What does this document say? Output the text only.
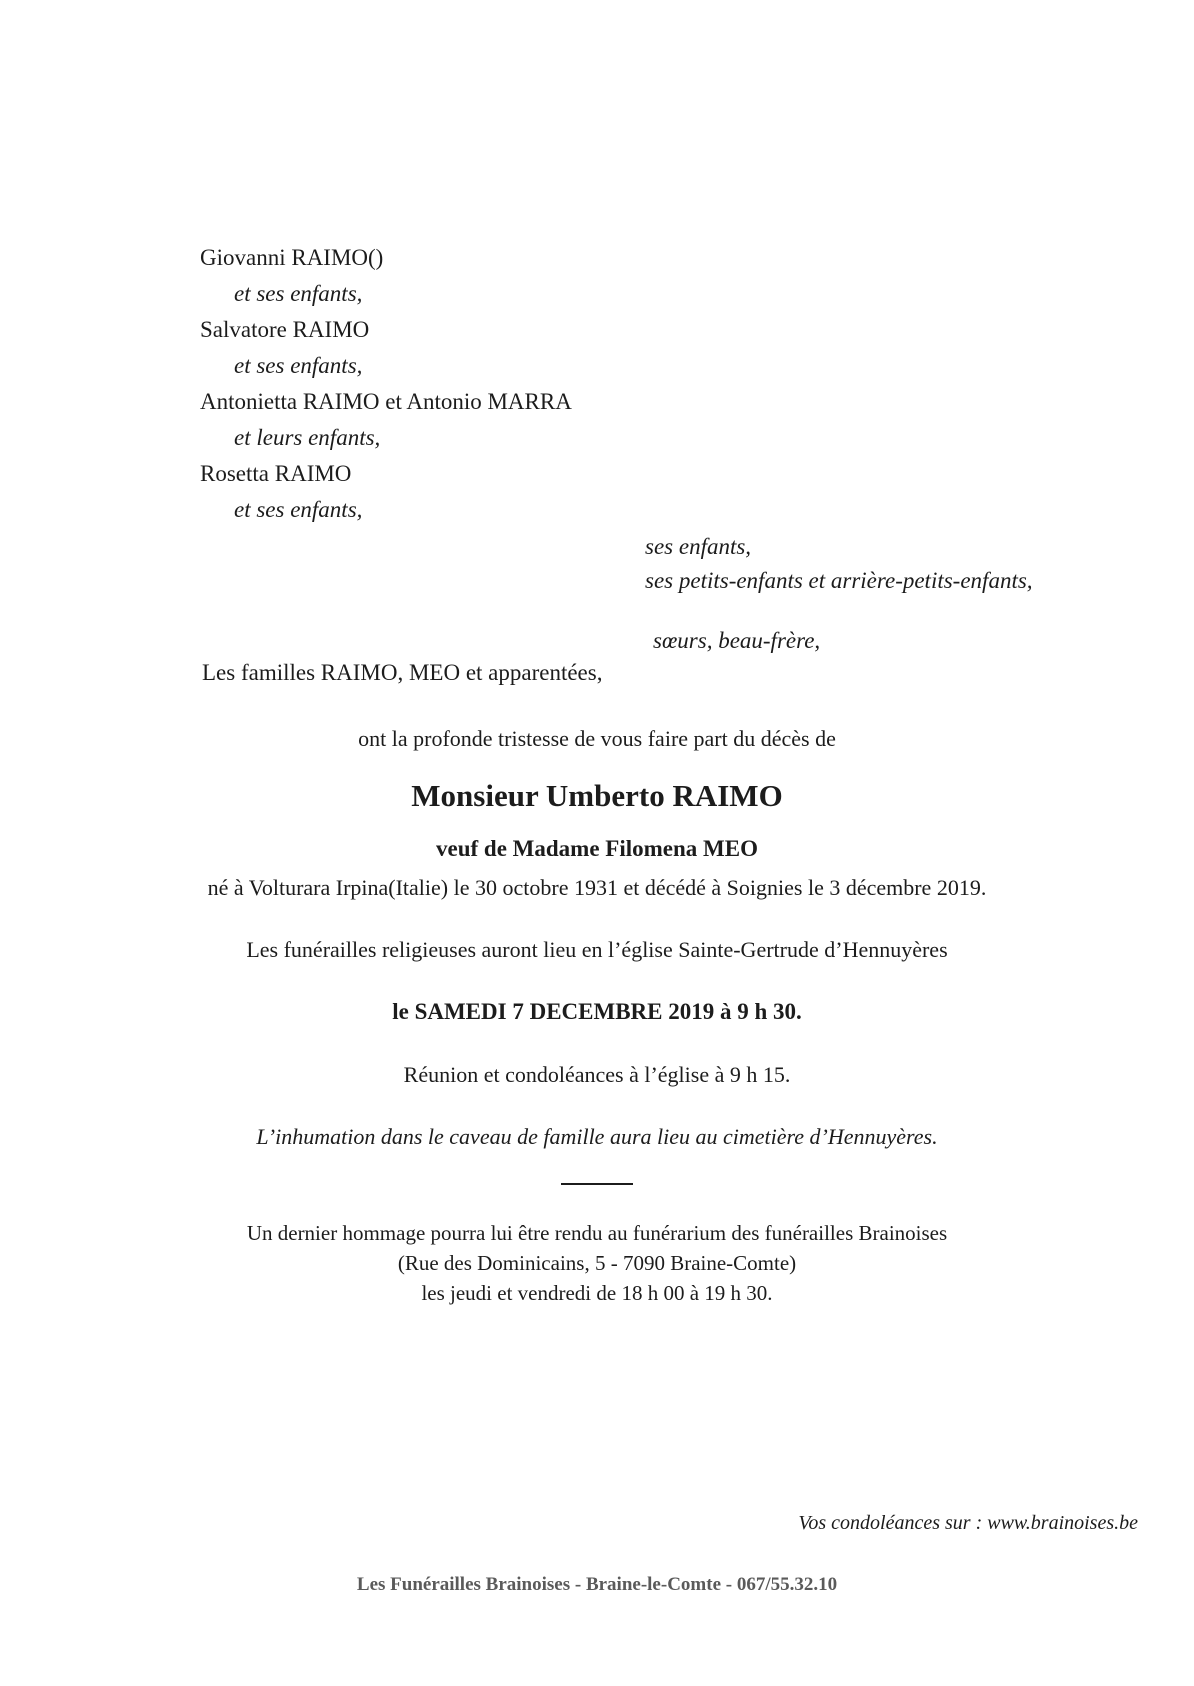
Giovanni RAIMO()
et ses enfants,
Salvatore RAIMO
et ses enfants,
Antonietta RAIMO et Antonio MARRA
et leurs enfants,
Rosetta RAIMO
et ses enfants,
ses enfants,
ses petits-enfants et arrière-petits-enfants,
sœurs, beau-frère,
Les familles RAIMO, MEO et apparentées,
ont la profonde tristesse de vous faire part du décès de
Monsieur Umberto RAIMO
veuf de Madame Filomena MEO
né à Volturara Irpina(Italie) le 30 octobre 1931 et décédé à Soignies le 3 décembre 2019.
Les funérailles religieuses auront lieu en l’église Sainte-Gertrude d’Hennuyères
le SAMEDI 7 DECEMBRE 2019 à 9 h 30.
Réunion et condoléances à l’église à 9 h 15.
L’inhumation dans le caveau de famille aura lieu au cimetière d’Hennuyères.
Un dernier hommage pourra lui être rendu au funérarium des funérailles Brainoises
(Rue des Dominicains, 5 - 7090 Braine-Comte)
les jeudi et vendredi de 18 h 00 à 19 h 30.
Vos condoléances sur : www.brainoises.be
Les Funérailles Brainoises - Braine-le-Comte - 067/55.32.10
